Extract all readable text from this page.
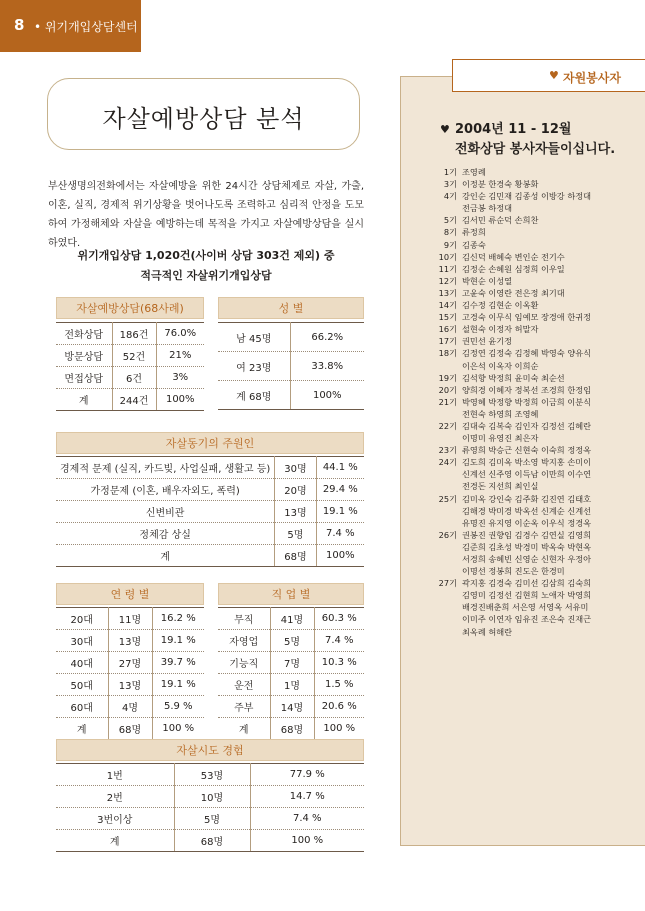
8 • 위기개입상담센터
자살예방상담 분석

부산생명의전화에서는 자살예방을 위한 24시간 상담체제로 자살, 가출, 이혼, 실직, 경제적 위기상황을 벗어나도록 조력하고 심리적 안정을 도모하여 가정해체와 자살을 예방하는데 목적을 가지고 자살예방상담을 실시하였다.

위기개입상담 1,020건(사이버 상담 303건 제외) 중
적극적인 자살위기개입상담
자살예방상담(68사례)
전화상담	186건	76.0%
방문상담	52건	21%
면접상담	6건	3%
계	244건	100%
성 별
남 45명	66.2%
여 23명	33.8%
계 68명	100%
자살동기의 주원인
경제적 문제 (실직, 카드빚, 사업실패, 생활고 등)	30명	44.1 %
가정문제 (이혼, 배우자외도, 폭력)	20명	29.4 %
신변비관	13명	19.1 %
정체감 상실	5명	7.4 %
계	68명	100%
연 령 별
20대	11명	16.2 %
30대	13명	19.1 %
40대	27명	39.7 %
50대	13명	19.1 %
60대	4명	5.9 %
계	68명	100 %
직 업 별
무직	41명	60.3 %
자영업	5명	7.4 %
기능직	7명	10.3 %
운전	1명	1.5 %
주부	14명	20.6 %
계	68명	100 %
자살시도 경험
1번	53명	77.9 %
2번	10명	14.7 %
3번이상	5명	7.4 %
계	68명	100 %
♥ 자원봉사자
♥ 2004년 11 - 12월
전화상담 봉사자들이십니다.
1기 조영례
3기 이정분 한경숙 황봉화
4기 강인순 김민재 김종성 이방강 하정대
전금봉 하정대
5기 김서민 류순덕 손희찬
8기 류정희
9기 김종숙
10기 김신덕 배혜숙 변인순 전기수
11기 김정순 손혜원 심정희 이우일
12기 박현순 이성열
13기 고윤숙 이영란 전은정 최기대
14기 김수정 김현순 이옥환
15기 고경숙 이무식 임예모 장경애 한귀정
16기 설현숙 이정자 허말자
17기 권민선 윤기정
18기 김정연 김정숙 김정혜 박영숙 양유식
이은석 이옥자 이희순
19기 김석향 박정희 윤미숙 최순선
20기 양희경 이혜자 정복선 조경희 한정임
21기 박영혜 박정향 박정희 이금희 이분식
전현숙 하영희 조영혜
22기 김대숙 김복숙 김인자 김정선 김혜란
이명미 유영진 최은자
23기 류영희 박승근 신현숙 이숙희 정정옥
24기 김도희 김미옥 박소영 박지홍 손미이
신계선 신주영 이득남 이만희 이수연
전경돈 지선희 최인실
25기 김미옥 강인숙 김주화 김진연 김태호
김해경 박미경 박옥선 신계순 신계선
유명진 유지영 이순옥 이우식 정경옥
26기 권봉진 권향임 김경수 김연실 김영희
김준희 김초성 박경미 박옥숙 박현옥
서경희 송혜빈 신영순 신현자 우정아
이명선 정봉희 진도은 한경미
27기 곽지홍 김경숙 김미선 김삼희 김숙희
김영미 김정선 김현희 노애자 박영희
배경진배춘희 서은영 서영옥 서유미
이미주 이연자 임유진 조은숙 진재근
최옥례 허해란
